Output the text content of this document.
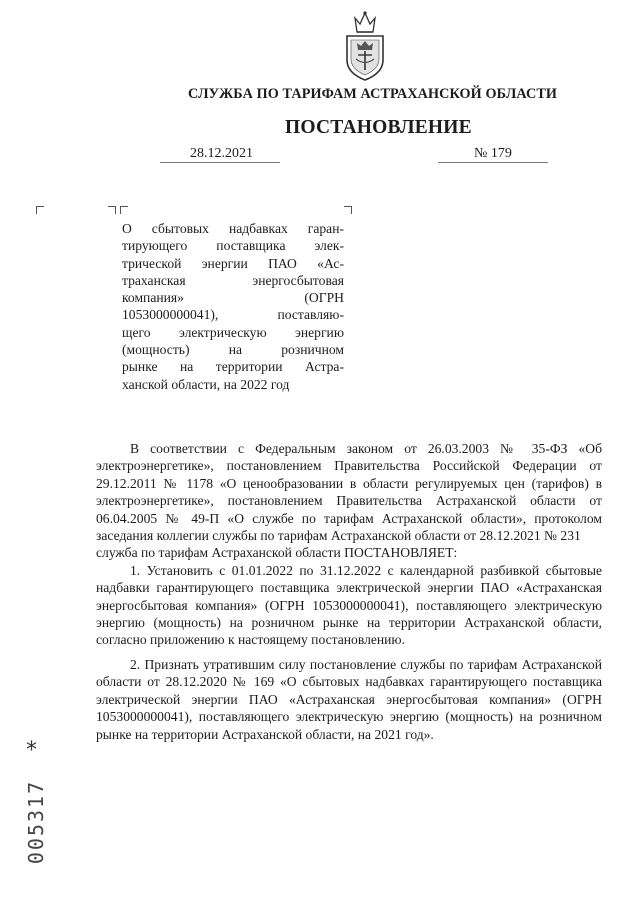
СЛУЖБА ПО ТАРИФАМ АСТРАХАНСКОЙ ОБЛАСТИ
ПОСТАНОВЛЕНИЕ
28.12.2021	№ 179
О сбытовых надбавках гаран-
тирующего поставщика элек-
трической энергии ПАО «Ас-
траханская энергосбытовая
компания» (ОГРН
1053000000041), поставляю-
щего электрическую энергию
(мощность) на розничном
рынке на территории Астра-
ханской области, на 2022 год

В соответствии с Федеральным законом от 26.03.2003 № 35-ФЗ «Об электроэнергетике», постановлением Правительства Российской Федерации от 29.12.2011 № 1178 «О ценообразовании в области регулируемых цен (тарифов) в электроэнергетике», постановлением Правительства Астраханской области от 06.04.2005 № 49-П «О службе по тарифам Астраханской области», протоколом заседания коллегии службы по тарифам Астраханской области от 28.12.2021 № 231

служба по тарифам Астраханской области ПОСТАНОВЛЯЕТ:

1. Установить с 01.01.2022 по 31.12.2022 с календарной разбивкой сбытовые надбавки гарантирующего поставщика электрической энергии ПАО «Астраханская энергосбытовая компания» (ОГРН 1053000000041), поставляющего электрическую энергию (мощность) на розничном рынке на территории Астраханской области, согласно приложению к настоящему постановлению.

2. Признать утратившим силу постановление службы по тарифам Астраханской области от 28.12.2020 № 169 «О сбытовых надбавках гарантирующего поставщика электрической энергии ПАО «Астраханская энергосбытовая компания» (ОГРН 1053000000041), поставляющего электрическую энергию (мощность) на розничном рынке на территории Астраханской области, на 2021 год».

*
005317
